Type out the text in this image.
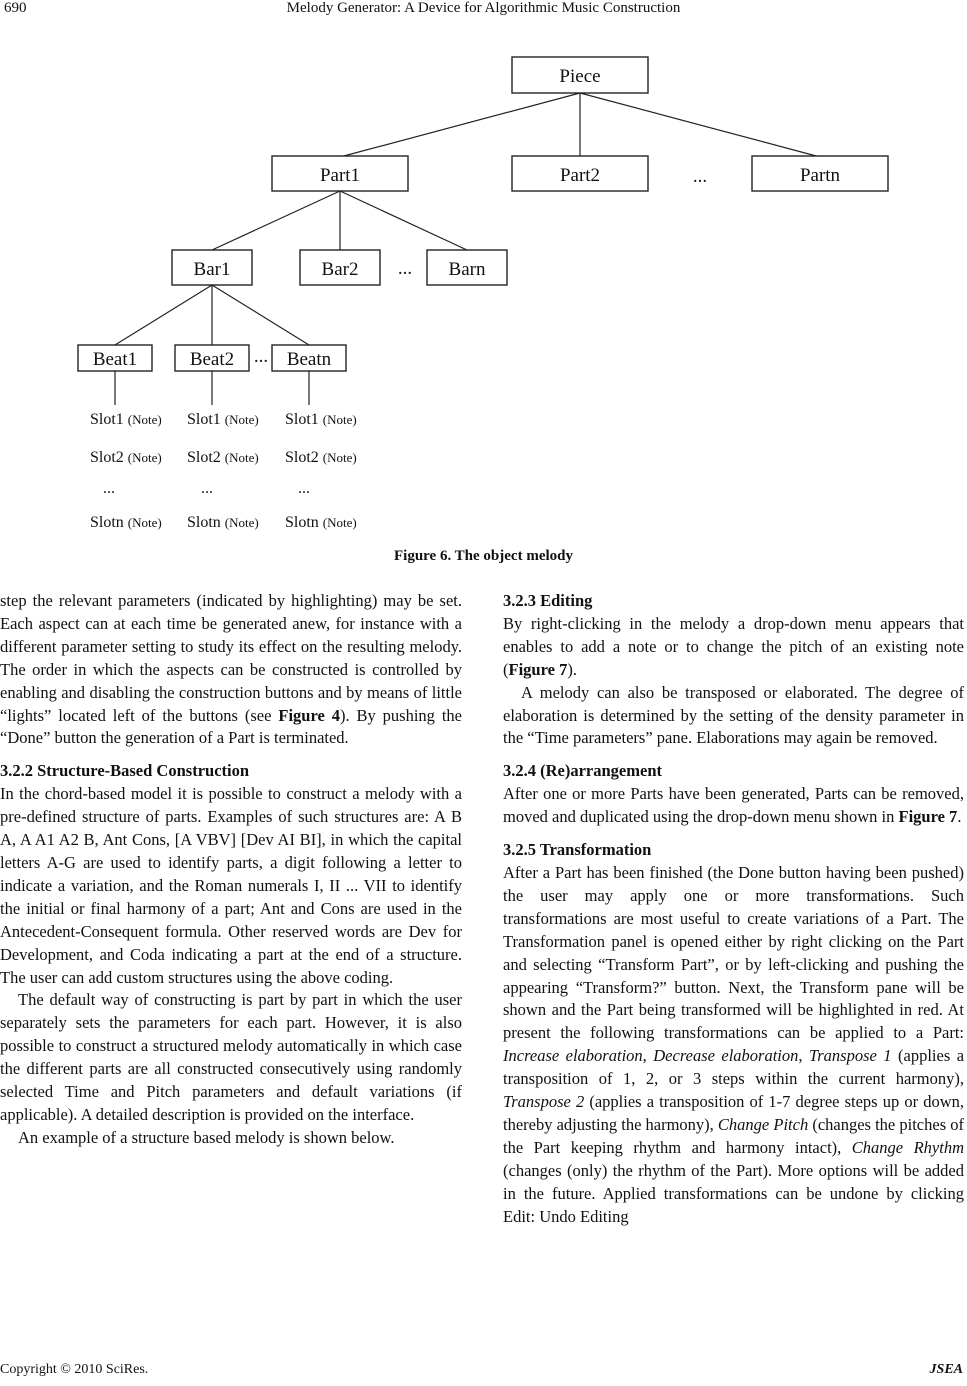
690	Melody Generator: A Device for Algorithmic Music Construction
Piece
Part1	Part2	...	Partn
Bar1	Bar2 ... Barn
Beat1	Beat2 ... Beatn
Slot1 (Note)
Slot2 (Note)
...
Slotn (Note)
Slot1 (Note)
Slot2 (Note)
...
Slotn (Note)
Slot1 (Note)
Slot2 (Note)
...
Slotn (Note)
Figure 6. The object melody

step the relevant parameters (indicated by highlighting) may be set. Each aspect can at each time be generated anew, for instance with a different parameter setting to study its effect on the resulting melody. The order in which the aspects can be constructed is controlled by enabling and disabling the construction buttons and by means of little “lights” located left of the buttons (see Figure 4). By pushing the “Done” button the generation of a Part is terminated.

3.2.2 Structure-Based Construction

In the chord-based model it is possible to construct a melody with a pre-defined structure of parts. Examples of such structures are: A B A, A A1 A2 B, Ant Cons, [A VBV] [Dev AI BI], in which the capital letters A-G are used to identify parts, a digit following a letter to indicate a variation, and the Roman numerals I, II ... VII to identify the initial or final harmony of a part; Ant and Cons are used in the Antecedent-Consequent formula. Other reserved words are Dev for Development, and Coda indicating a part at the end of a structure. The user can add custom structures using the above coding.

The default way of constructing is part by part in which the user separately sets the parameters for each part. However, it is also possible to construct a structured melody automatically in which case the different parts are all constructed consecutively using randomly selected Time and Pitch parameters and default variations (if applicable). A detailed description is provided on the interface.

An example of a structure based melody is shown below.

3.2.3 Editing

By right-clicking in the melody a drop-down menu appears that enables to add a note or to change the pitch of an existing note (Figure 7).

A melody can also be transposed or elaborated. The degree of elaboration is determined by the setting of the density parameter in the “Time parameters” pane. Elaborations may again be removed.

3.2.4 (Re)arrangement

After one or more Parts have been generated, Parts can be removed, moved and duplicated using the drop-down menu shown in Figure 7.

3.2.5 Transformation

After a Part has been finished (the Done button having been pushed) the user may apply one or more transformations. Such transformations are most useful to create variations of a Part. The Transformation panel is opened either by right clicking on the Part and selecting “Transform Part”, or by left-clicking and pushing the appearing “Transform?” button. Next, the Transform pane will be shown and the Part being transformed will be highlighted in red. At present the following transformations can be applied to a Part: Increase elaboration, Decrease elaboration, Transpose 1 (applies a transposition of 1, 2, or 3 steps within the current harmony), Transpose 2 (applies a transposition of 1-7 degree steps up or down, thereby adjusting the harmony), Change Pitch (changes the pitches of the Part keeping rhythm and harmony intact), Change Rhythm (changes (only) the rhythm of the Part). More options will be added in the future. Applied transformations can be undone by clicking Edit: Undo Editing

Copyright © 2010 SciRes.	JSEA
